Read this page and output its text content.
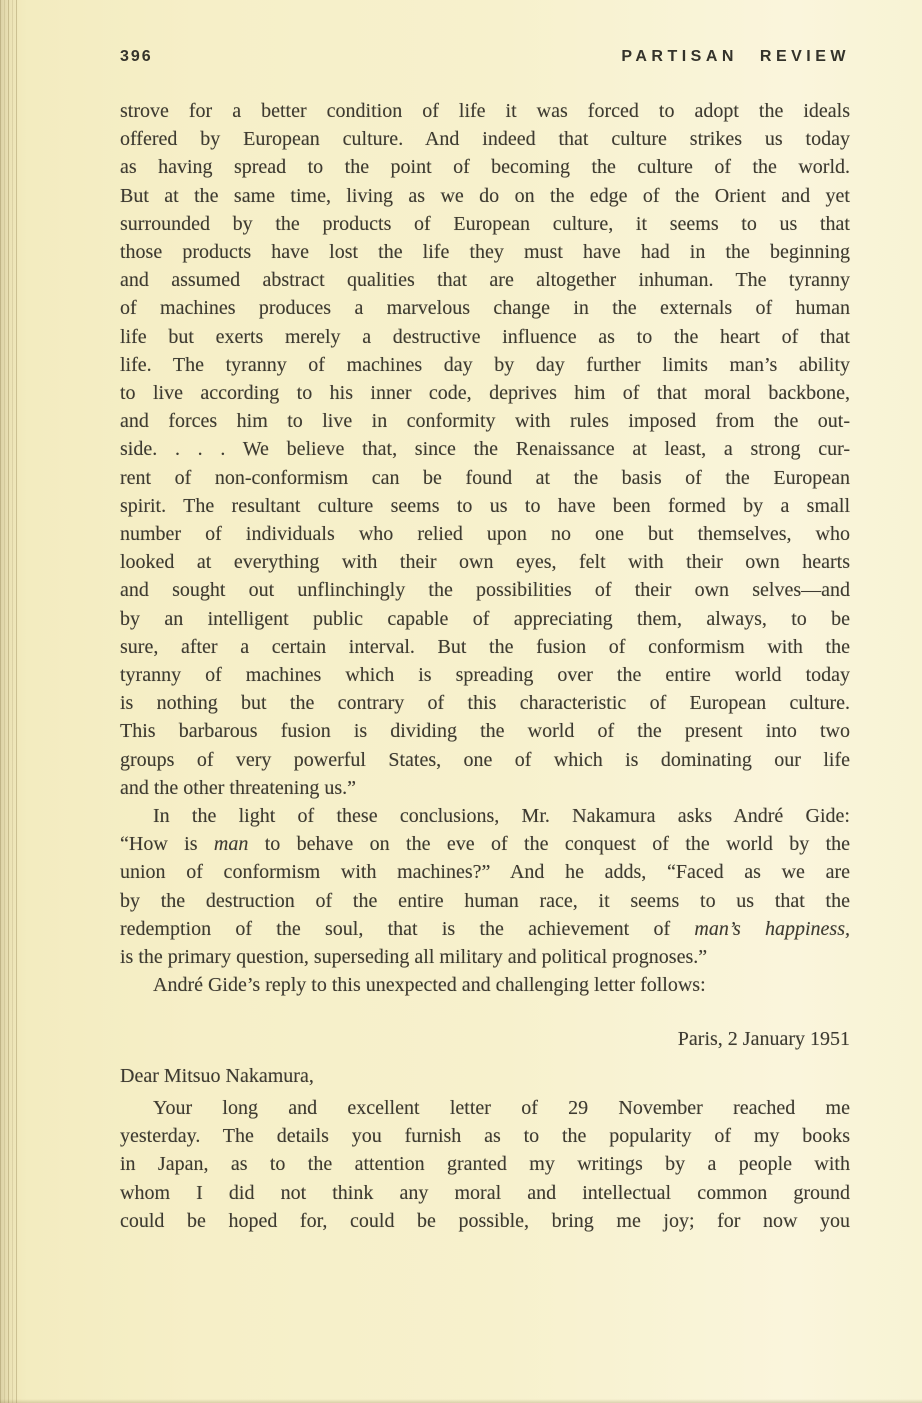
396	PARTISAN REVIEW
strove for a better condition of life it was forced to adopt the ideals
offered by European culture. And indeed that culture strikes us today
as having spread to the point of becoming the culture of the world.
But at the same time, living as we do on the edge of the Orient and yet
surrounded by the products of European culture, it seems to us that
those products have lost the life they must have had in the beginning
and assumed abstract qualities that are altogether inhuman. The tyranny
of machines produces a marvelous change in the externals of human
life but exerts merely a destructive influence as to the heart of that
life. The tyranny of machines day by day further limits man’s ability
to live according to his inner code, deprives him of that moral backbone,
and forces him to live in conformity with rules imposed from the out-
side. . . . We believe that, since the Renaissance at least, a strong cur-
rent of non-conformism can be found at the basis of the European
spirit. The resultant culture seems to us to have been formed by a small
number of individuals who relied upon no one but themselves, who
looked at everything with their own eyes, felt with their own hearts
and sought out unflinchingly the possibilities of their own selves—and
by an intelligent public capable of appreciating them, always, to be
sure, after a certain interval. But the fusion of conformism with the
tyranny of machines which is spreading over the entire world today
is nothing but the contrary of this characteristic of European culture.
This barbarous fusion is dividing the world of the present into two
groups of very powerful States, one of which is dominating our life
and the other threatening us.”
In the light of these conclusions, Mr. Nakamura asks André Gide:
“How is man to behave on the eve of the conquest of the world by the
union of conformism with machines?” And he adds, “Faced as we are
by the destruction of the entire human race, it seems to us that the
redemption of the soul, that is the achievement of man’s happiness,
is the primary question, superseding all military and political prognoses.”
André Gide’s reply to this unexpected and challenging letter follows:
Paris, 2 January 1951
Dear Mitsuo Nakamura,
Your long and excellent letter of 29 November reached me
yesterday. The details you furnish as to the popularity of my books
in Japan, as to the attention granted my writings by a people with
whom I did not think any moral and intellectual common ground
could be hoped for, could be possible, bring me joy; for now you
